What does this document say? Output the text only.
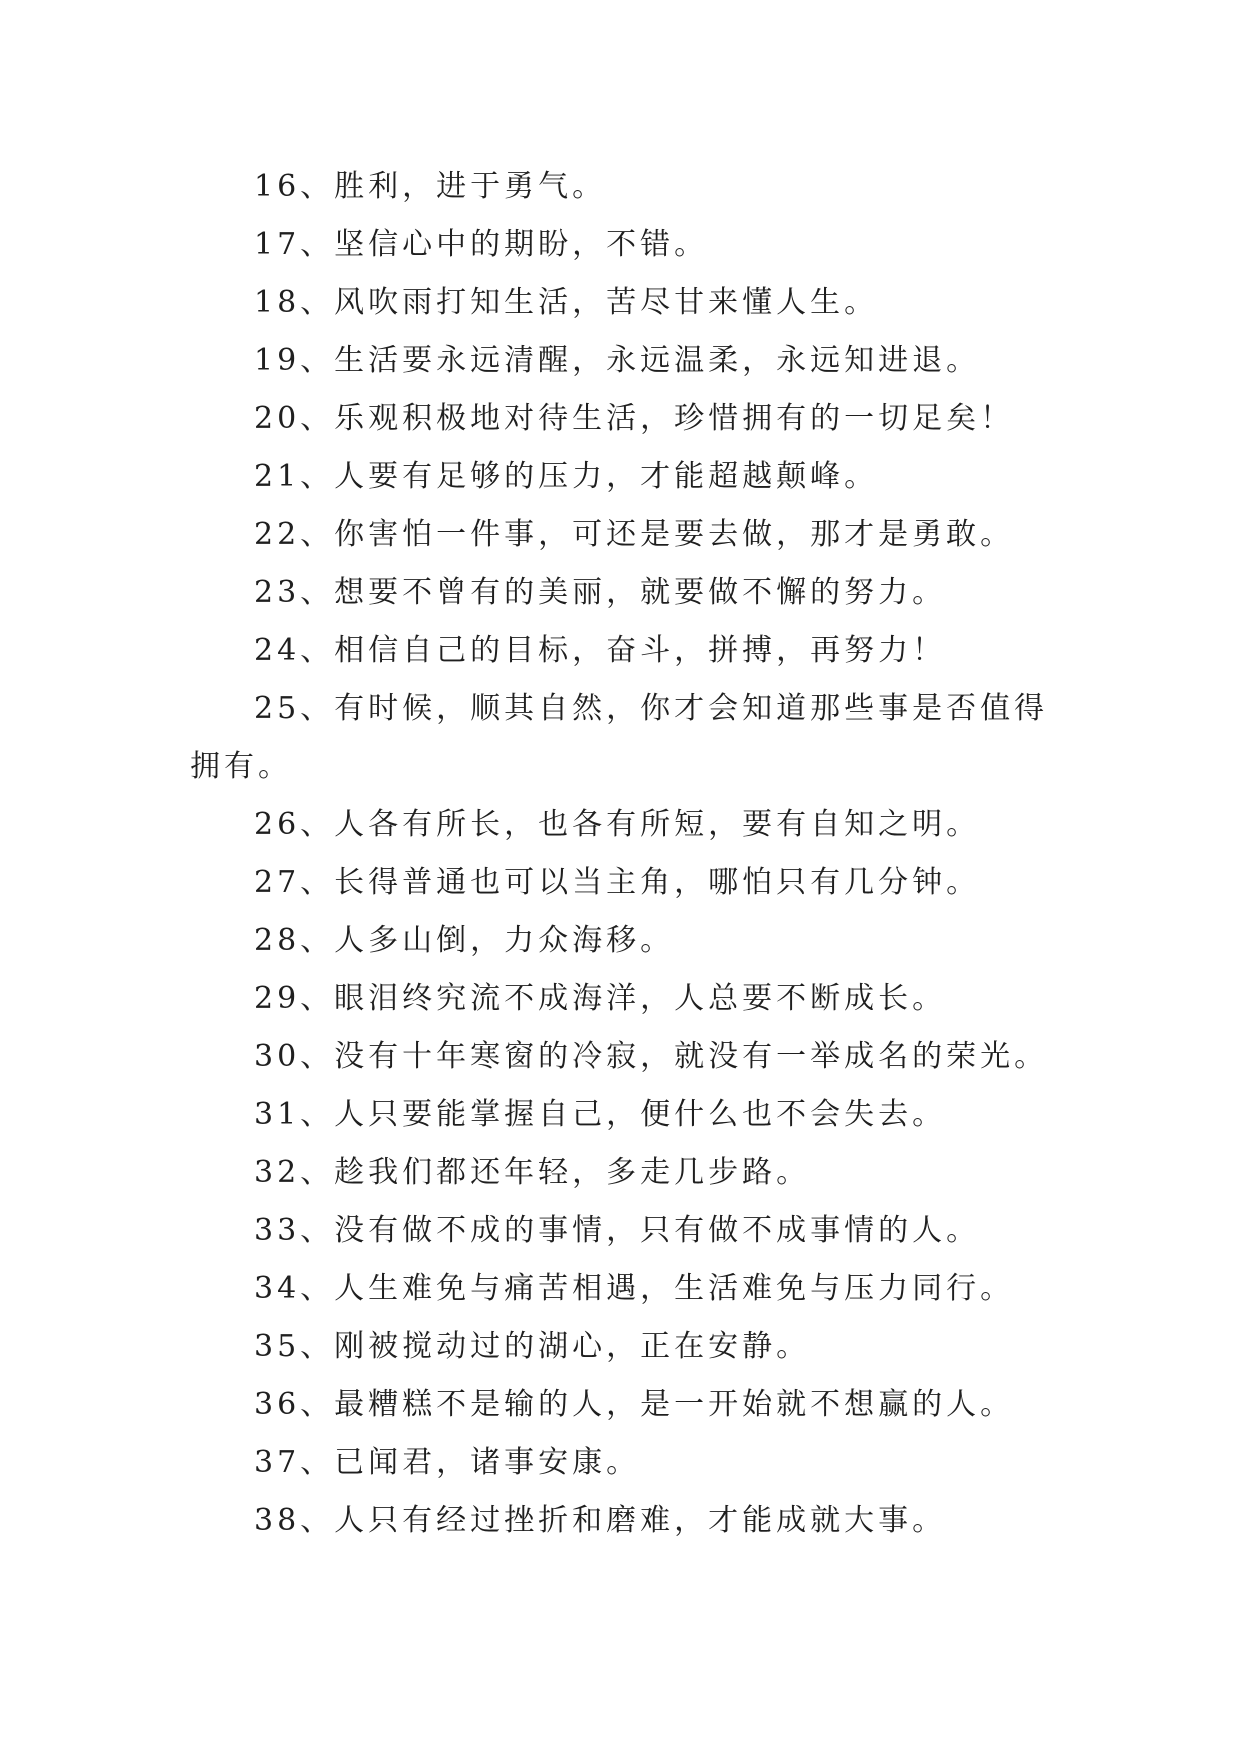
16、胜利，进于勇气。
17、坚信心中的期盼，不错。
18、风吹雨打知生活，苦尽甘来懂人生。
19、生活要永远清醒，永远温柔，永远知进退。
20、乐观积极地对待生活，珍惜拥有的一切足矣！
21、人要有足够的压力，才能超越颠峰。
22、你害怕一件事，可还是要去做，那才是勇敢。
23、想要不曾有的美丽，就要做不懈的努力。
24、相信自己的目标，奋斗，拼搏，再努力！
25、有时候，顺其自然，你才会知道那些事是否值得拥有。
26、人各有所长，也各有所短，要有自知之明。
27、长得普通也可以当主角，哪怕只有几分钟。
28、人多山倒，力众海移。
29、眼泪终究流不成海洋，人总要不断成长。
30、没有十年寒窗的冷寂，就没有一举成名的荣光。
31、人只要能掌握自己，便什么也不会失去。
32、趁我们都还年轻，多走几步路。
33、没有做不成的事情，只有做不成事情的人。
34、人生难免与痛苦相遇，生活难免与压力同行。
35、刚被搅动过的湖心，正在安静。
36、最糟糕不是输的人，是一开始就不想赢的人。
37、已闻君，诸事安康。
38、人只有经过挫折和磨难，才能成就大事。
